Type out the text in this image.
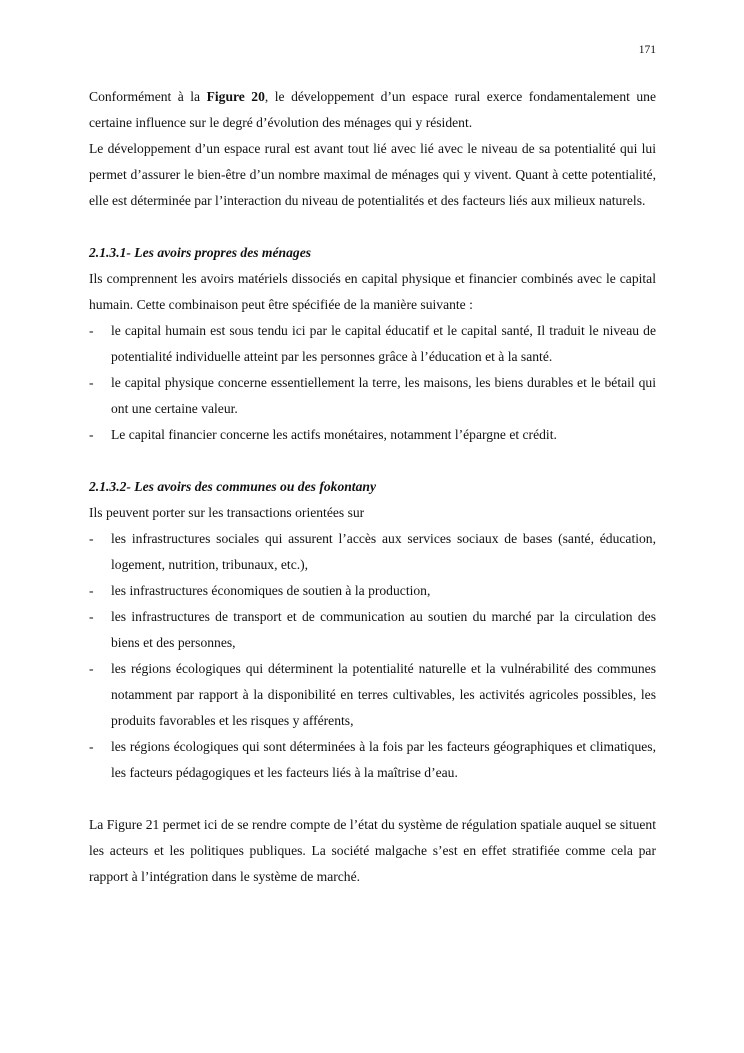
171

Conformément à la Figure 20, le développement d’un espace rural exerce fondamentalement une certaine influence sur le degré d’évolution des ménages qui y résident.

Le développement d’un espace rural est avant tout lié avec lié avec le niveau de sa potentialité qui lui permet d’assurer le bien-être d’un nombre maximal de ménages qui y vivent. Quant à cette potentialité, elle est déterminée par l’interaction du niveau de potentialités et des facteurs liés aux milieux naturels.

2.1.3.1- Les avoirs propres des ménages

Ils comprennent les avoirs matériels dissociés en capital physique et financier combinés avec le capital humain. Cette combinaison peut être spécifiée de la manière suivante :

-	le capital humain est sous tendu ici par le capital éducatif et le capital santé, Il traduit le niveau de potentialité individuelle atteint par les personnes grâce à l’éducation et à la santé.
-	le capital physique concerne essentiellement la terre, les maisons, les biens durables et le bétail qui ont une certaine valeur.
-	Le capital financier concerne les actifs monétaires, notamment l’épargne et crédit.

2.1.3.2- Les avoirs des communes ou des fokontany

Ils peuvent porter sur les transactions orientées sur

-	les infrastructures sociales qui assurent l’accès aux services sociaux de bases (santé, éducation, logement, nutrition, tribunaux, etc.),
-	les infrastructures économiques de soutien à la production,
-	les infrastructures de transport et de communication au soutien du marché par la circulation des biens et des personnes,
-	les régions écologiques qui déterminent la potentialité naturelle et la vulnérabilité des communes notamment par rapport à la disponibilité en terres cultivables, les activités agricoles possibles, les produits favorables et les risques y afférents,
-	les régions écologiques qui sont déterminées à la fois par les facteurs géographiques et climatiques, les facteurs pédagogiques et les facteurs liés à la maîtrise d’eau.

La Figure 21 permet ici de se rendre compte de l’état du système de régulation spatiale auquel se situent les acteurs et les politiques publiques. La société malgache s’est en effet stratifiée comme cela par rapport à l’intégration dans le système de marché.
